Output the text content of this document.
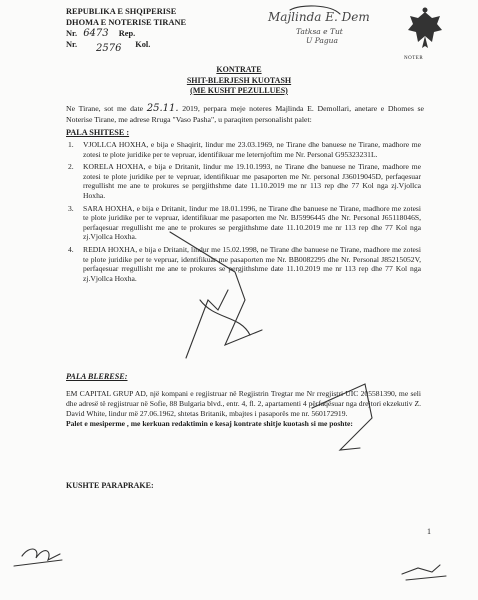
REPUBLIKA E SHQIPERISE
DHOMA E NOTERISE TIRANE
Nr. 6473 Rep.
Nr.	Kol.
2576
Majlinda E. Dem
Tatksa e Tut
U Pagua
NOTER
KONTRATE
SHIT-BLERJESH KUOTASH
(ME KUSHT PEZULLUES)
Ne Tirane, sot me date 25.11. 2019, perpara meje noteres Majlinda E. Demollari, anetare e Dhomes se Noterise Tirane, me adrese Rruga "Vaso Pasha", u paraqiten personalisht palet:
PALA SHITESE :
1. VJOLLCA HOXHA, e bija e Shaqirit, lindur me 23.03.1969, ne Tirane dhe banuese ne Tirane, madhore me zotesi te plote juridike per te vepruar, identifikuar me leternjoftim me Nr. Personal G95323231L.
2. KORELA HOXHA, e bija e Dritanit, lindur me 19.10.1993, ne Tirane dhe banuese ne Tirane, madhore me zotesi te plote juridike per te vepruar, identifikuar me pasaporten me Nr. personal J36019045D, perfaqesuar rregullisht me ane te prokures se pergjithshme date 11.10.2019 me nr 113 rep dhe 77 Kol nga zj.Vjollca Hoxha.
3. SARA HOXHA, e bija e Dritanit, lindur me 18.01.1996, ne Tirane dhe banuese ne Tirane, madhore me zotesi te plote juridike per te vepruar, identifikuar me pasaporten me Nr. BJ5996445 dhe Nr. Personal J65118046S, perfaqesuar rregullisht me ane te prokures se pergjithshme date 11.10.2019 me nr 113 rep dhe 77 Kol nga zj.Vjollca Hoxha.
4. REDIA HOXHA, e bija e Dritanit, lindur me 15.02.1998, ne Tirane dhe banuese ne Tirane, madhore me zotesi te plote juridike per te vepruar, identifikuar me pasaporten me Nr. BB0082295 dhe Nr. Personal J85215052V, perfaqesuar rregullisht me ane te prokures se pergjithshme date 11.10.2019 me nr 113 rep dhe 77 Kol nga zj.Vjollca Hoxha.
PALA BLERESE:
EM CAPITAL GRUP AD, një kompani e regjistruar në Regjistrin Tregtar me Nr rregjistri UIC 205581390, me seli dhe adresë të regjistruar në Sofie, 88 Bulgaria blvd., entr. 4, fl. 2, apartamenti 4 përfaqësuar nga drejtori ekzekutiv Z. David White, lindur më 27.06.1962, shtetas Britanik, mbajtes i pasaporës me nr. 560172919.
Palet e mesiperme , me kerkuan redaktimin e kesaj kontrate shitje kuotash si me poshte:
KUSHTE PARAPRAKE:
1
